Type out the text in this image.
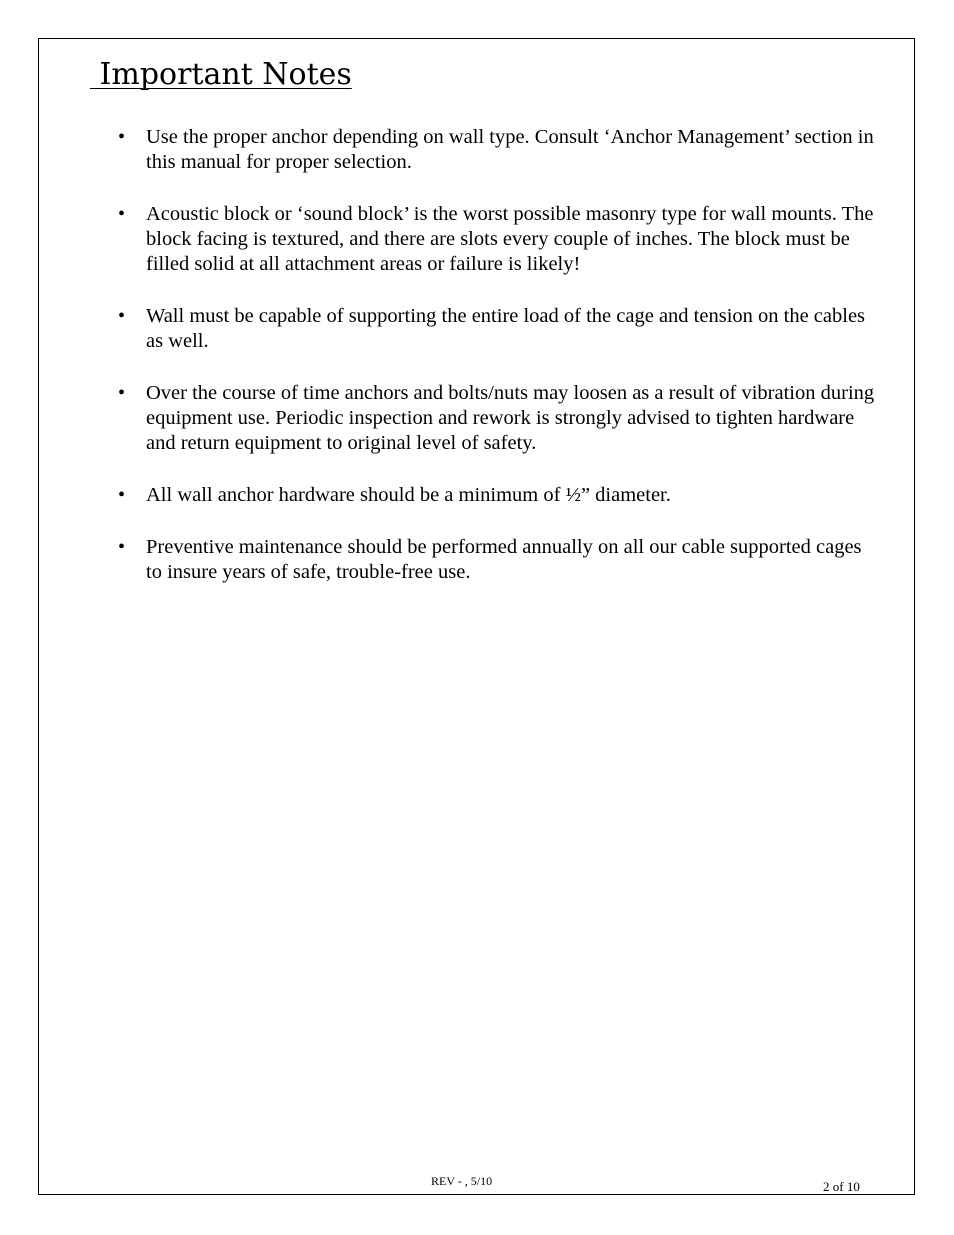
Important Notes
• Use the proper anchor depending on wall type. Consult ‘Anchor Management’ section in this manual for proper selection.
• Acoustic block or ‘sound block’ is the worst possible masonry type for wall mounts. The block facing is textured, and there are slots every couple of inches. The block must be filled solid at all attachment areas or failure is likely!
• Wall must be capable of supporting the entire load of the cage and tension on the cables as well.
• Over the course of time anchors and bolts/nuts may loosen as a result of vibration during equipment use. Periodic inspection and rework is strongly advised to tighten hardware and return equipment to original level of safety.
• All wall anchor hardware should be a minimum of ½” diameter.
• Preventive maintenance should be performed annually on all our cable supported cages to insure years of safe, trouble-free use.
REV - , 5/10	2 of 10
